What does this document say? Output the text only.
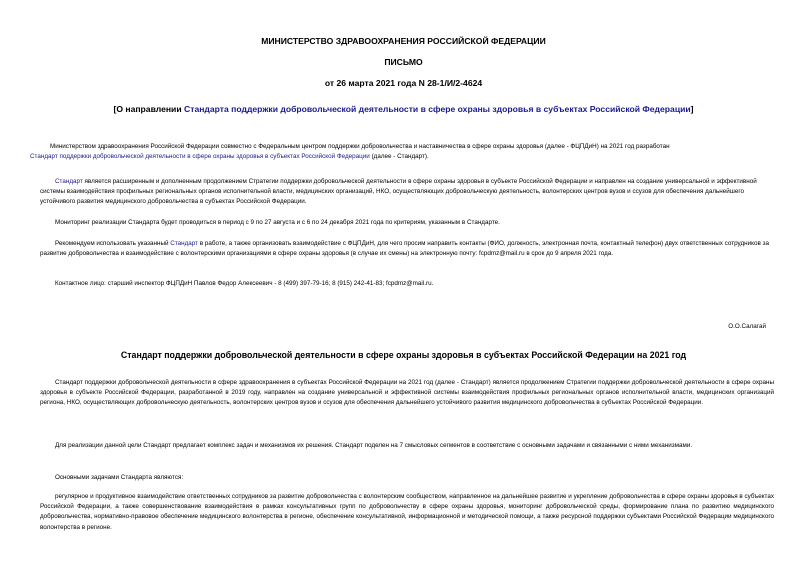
МИНИСТЕРСТВО ЗДРАВООХРАНЕНИЯ РОССИЙСКОЙ ФЕДЕРАЦИИ
ПИСЬМО
от 26 марта 2021 года N 28-1/И/2-4624
[О направлении Стандарта поддержки добровольческой деятельности в сфере охраны здоровья в субъектах Российской Федерации]
Министерством здравоохранения Российской Федерации совместно с Федеральным центром поддержки добровольчества и наставничества в сфере охраны здоровья (далее - ФЦПДиН) на 2021 год разработан
Стандарт поддержки добровольческой деятельности в сфере охраны здоровья в субъектах Российской Федерации (далее - Стандарт).
Стандарт является расширенным и дополненным продолжением Стратегии поддержки добровольческой деятельности в сфере охраны здоровья в субъекте Российской Федерации и направлен на создание универсальной и эффективной системы взаимодействия профильных региональных органов исполнительной власти, медицинских организаций, НКО, осуществляющих добровольческую деятельность, волонтерских центров вузов и ссузов для обеспечения дальнейшего устойчивого развития медицинского добровольчества в субъектах Российской Федерации.
Мониторинг реализации Стандарта будет проводиться в период с 9 по 27 августа и с 6 по 24 декабря 2021 года по критериям, указанным в Стандарте.
Рекомендуем использовать указанный Стандарт в работе, а также организовать взаимодействие с ФЦПДиН, для чего просим направить контакты (ФИО, должность, электронная почта, контактный телефон) двух ответственных сотрудников за развитие добровольчества и взаимодействие с волонтерскими организациями в сфере охраны здоровья (в случае их смены) на электронную почту: fcpdmz@mail.ru в срок до 9 апреля 2021 года.
Контактное лицо: старший инспектор ФЦПДиН Павлов Федор Алексеевич - 8 (499) 397-79-16; 8 (915) 242-41-83; fcpdmz@mail.ru.
О.О.Салагай
Стандарт поддержки добровольческой деятельности в сфере охраны здоровья в субъектах Российской Федерации на 2021 год
Стандарт поддержки добровольческой деятельности в сфере здравоохранения в субъектах Российской Федерации на 2021 год (далее - Стандарт) является продолжением Стратегии поддержки добровольческой деятельности в сфере охраны здоровья в субъекте Российской Федерации, разработанной в 2019 году, направлен на создание универсальной и эффективной системы взаимодействия профильных региональных органов исполнительной власти, медицинских организаций региона, НКО, осуществляющих добровольческую деятельность, волонтерских центров вузов и ссузов для обеспечения дальнейшего устойчивого развития медицинского добровольчества в субъектах Российской Федерации.
Для реализации данной цели Стандарт предлагает комплекс задач и механизмов их решения. Стандарт поделен на 7 смысловых сегментов в соответствие с основными задачами и связанными с ними механизмами.
Основными задачами Стандарта являются:
регулярное и продуктивное взаимодействие ответственных сотрудников за развитие добровольчества с волонтерским сообществом, направленное на дальнейшее развитие и укрепление добровольчества в сфере охраны здоровья в субъектах Российской Федерации, а также совершенствование взаимодействия в рамках консультативных групп по добровольчеству в сфере охраны здоровья, мониторинг добровольческой среды, формирование плана по развитию медицинского добровольчества, нормативно-правовое обеспечение медицинского волонтерства в регионе, обеспечение консультативной, информационной и методической помощи, а также ресурсной поддержки субъектами Российской Федерации медицинского волонтерства в регионе.
